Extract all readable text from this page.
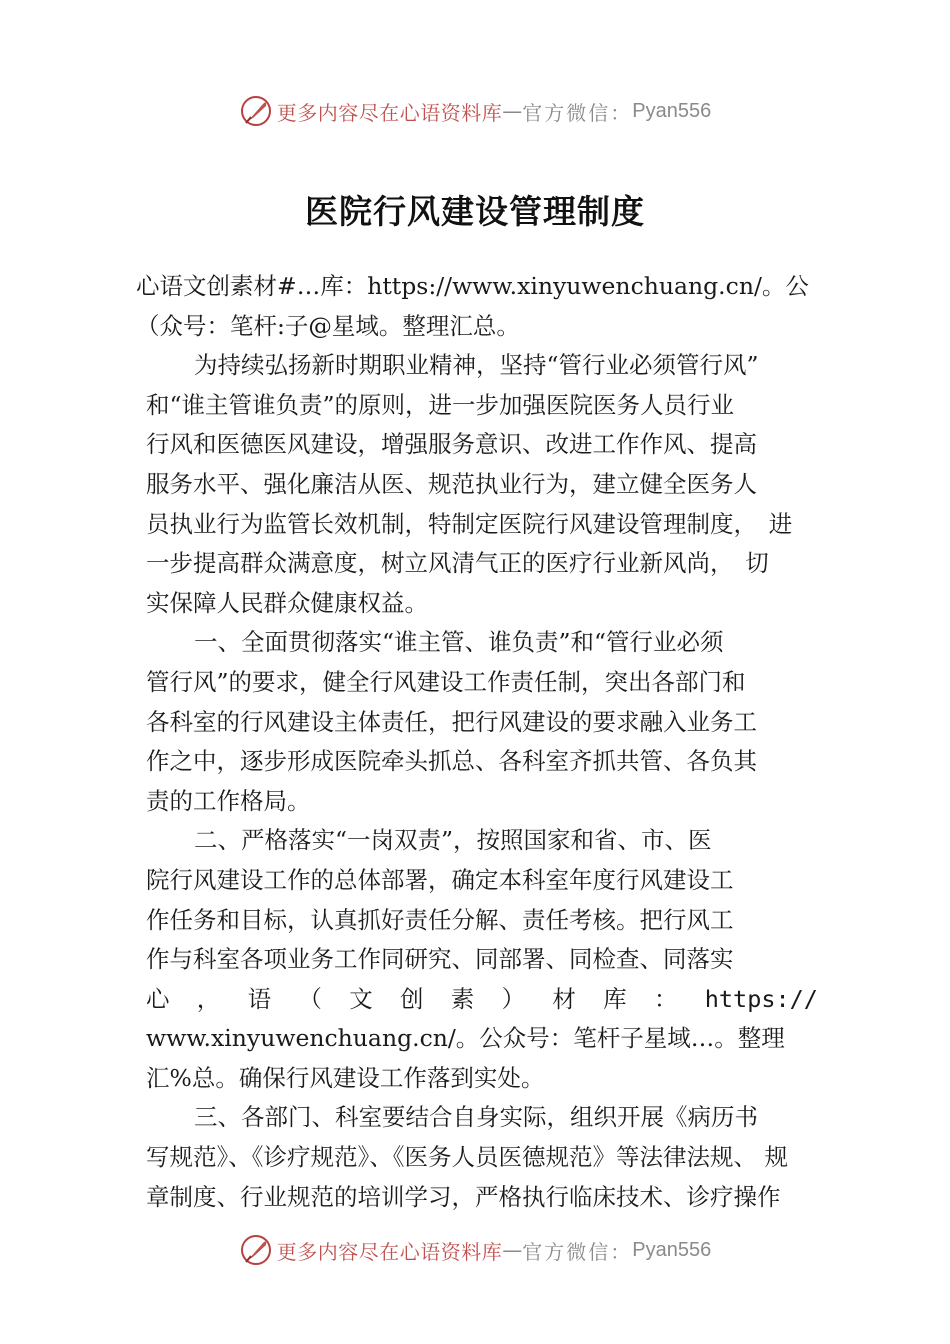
更多内容尽在心语资料库 — 官方微信： Pyan556
医院行风建设管理制度
心语文创素材#…库：https://www.xinyuwenchuang.cn/。公
（众号：笔杆:子@星域。整理汇总。
为持续弘扬新时期职业精神，坚持“管行业必须管行风”
和“谁主管谁负责”的原则，进一步加强医院医务人员行业
行风和医德医风建设，增强服务意识、改进工作作风、提高
服务水平、强化廉洁从医、规范执业行为，建立健全医务人
员执业行为监管长效机制，特制定医院行风建设管理制度，　进
一步提高群众满意度，树立风清气正的医疗行业新风尚，　切
实保障人民群众健康权益。
一、全面贯彻落实“谁主管、谁负责”和“管行业必须
管行风”的要求，健全行风建设工作责任制，突出各部门和
各科室的行风建设主体责任，把行风建设的要求融入业务工
作之中，逐步形成医院牵头抓总、各科室齐抓共管、各负其
责的工作格局。
二、严格落实“一岗双责”，按照国家和省、市、医
院行风建设工作的总体部署，确定本科室年度行风建设工
作任务和目标，认真抓好责任分解、责任考核。把行风工
作与科室各项业务工作同研究、同部署、同检查、同落实
心 ， 语 （ 文 创 素 ） 材 库 ： https://
www.xinyuwenchuang.cn/。公众号：笔杆子星域…。整理
汇%总。确保行风建设工作落到实处。
三、各部门、科室要结合自身实际，组织开展《病历书
写规范》、《诊疗规范》、《医务人员医德规范》等法律法规、 规
章制度、行业规范的培训学习，严格执行临床技术、诊疗操作
更多内容尽在心语资料库 — 官方微信： Pyan556
